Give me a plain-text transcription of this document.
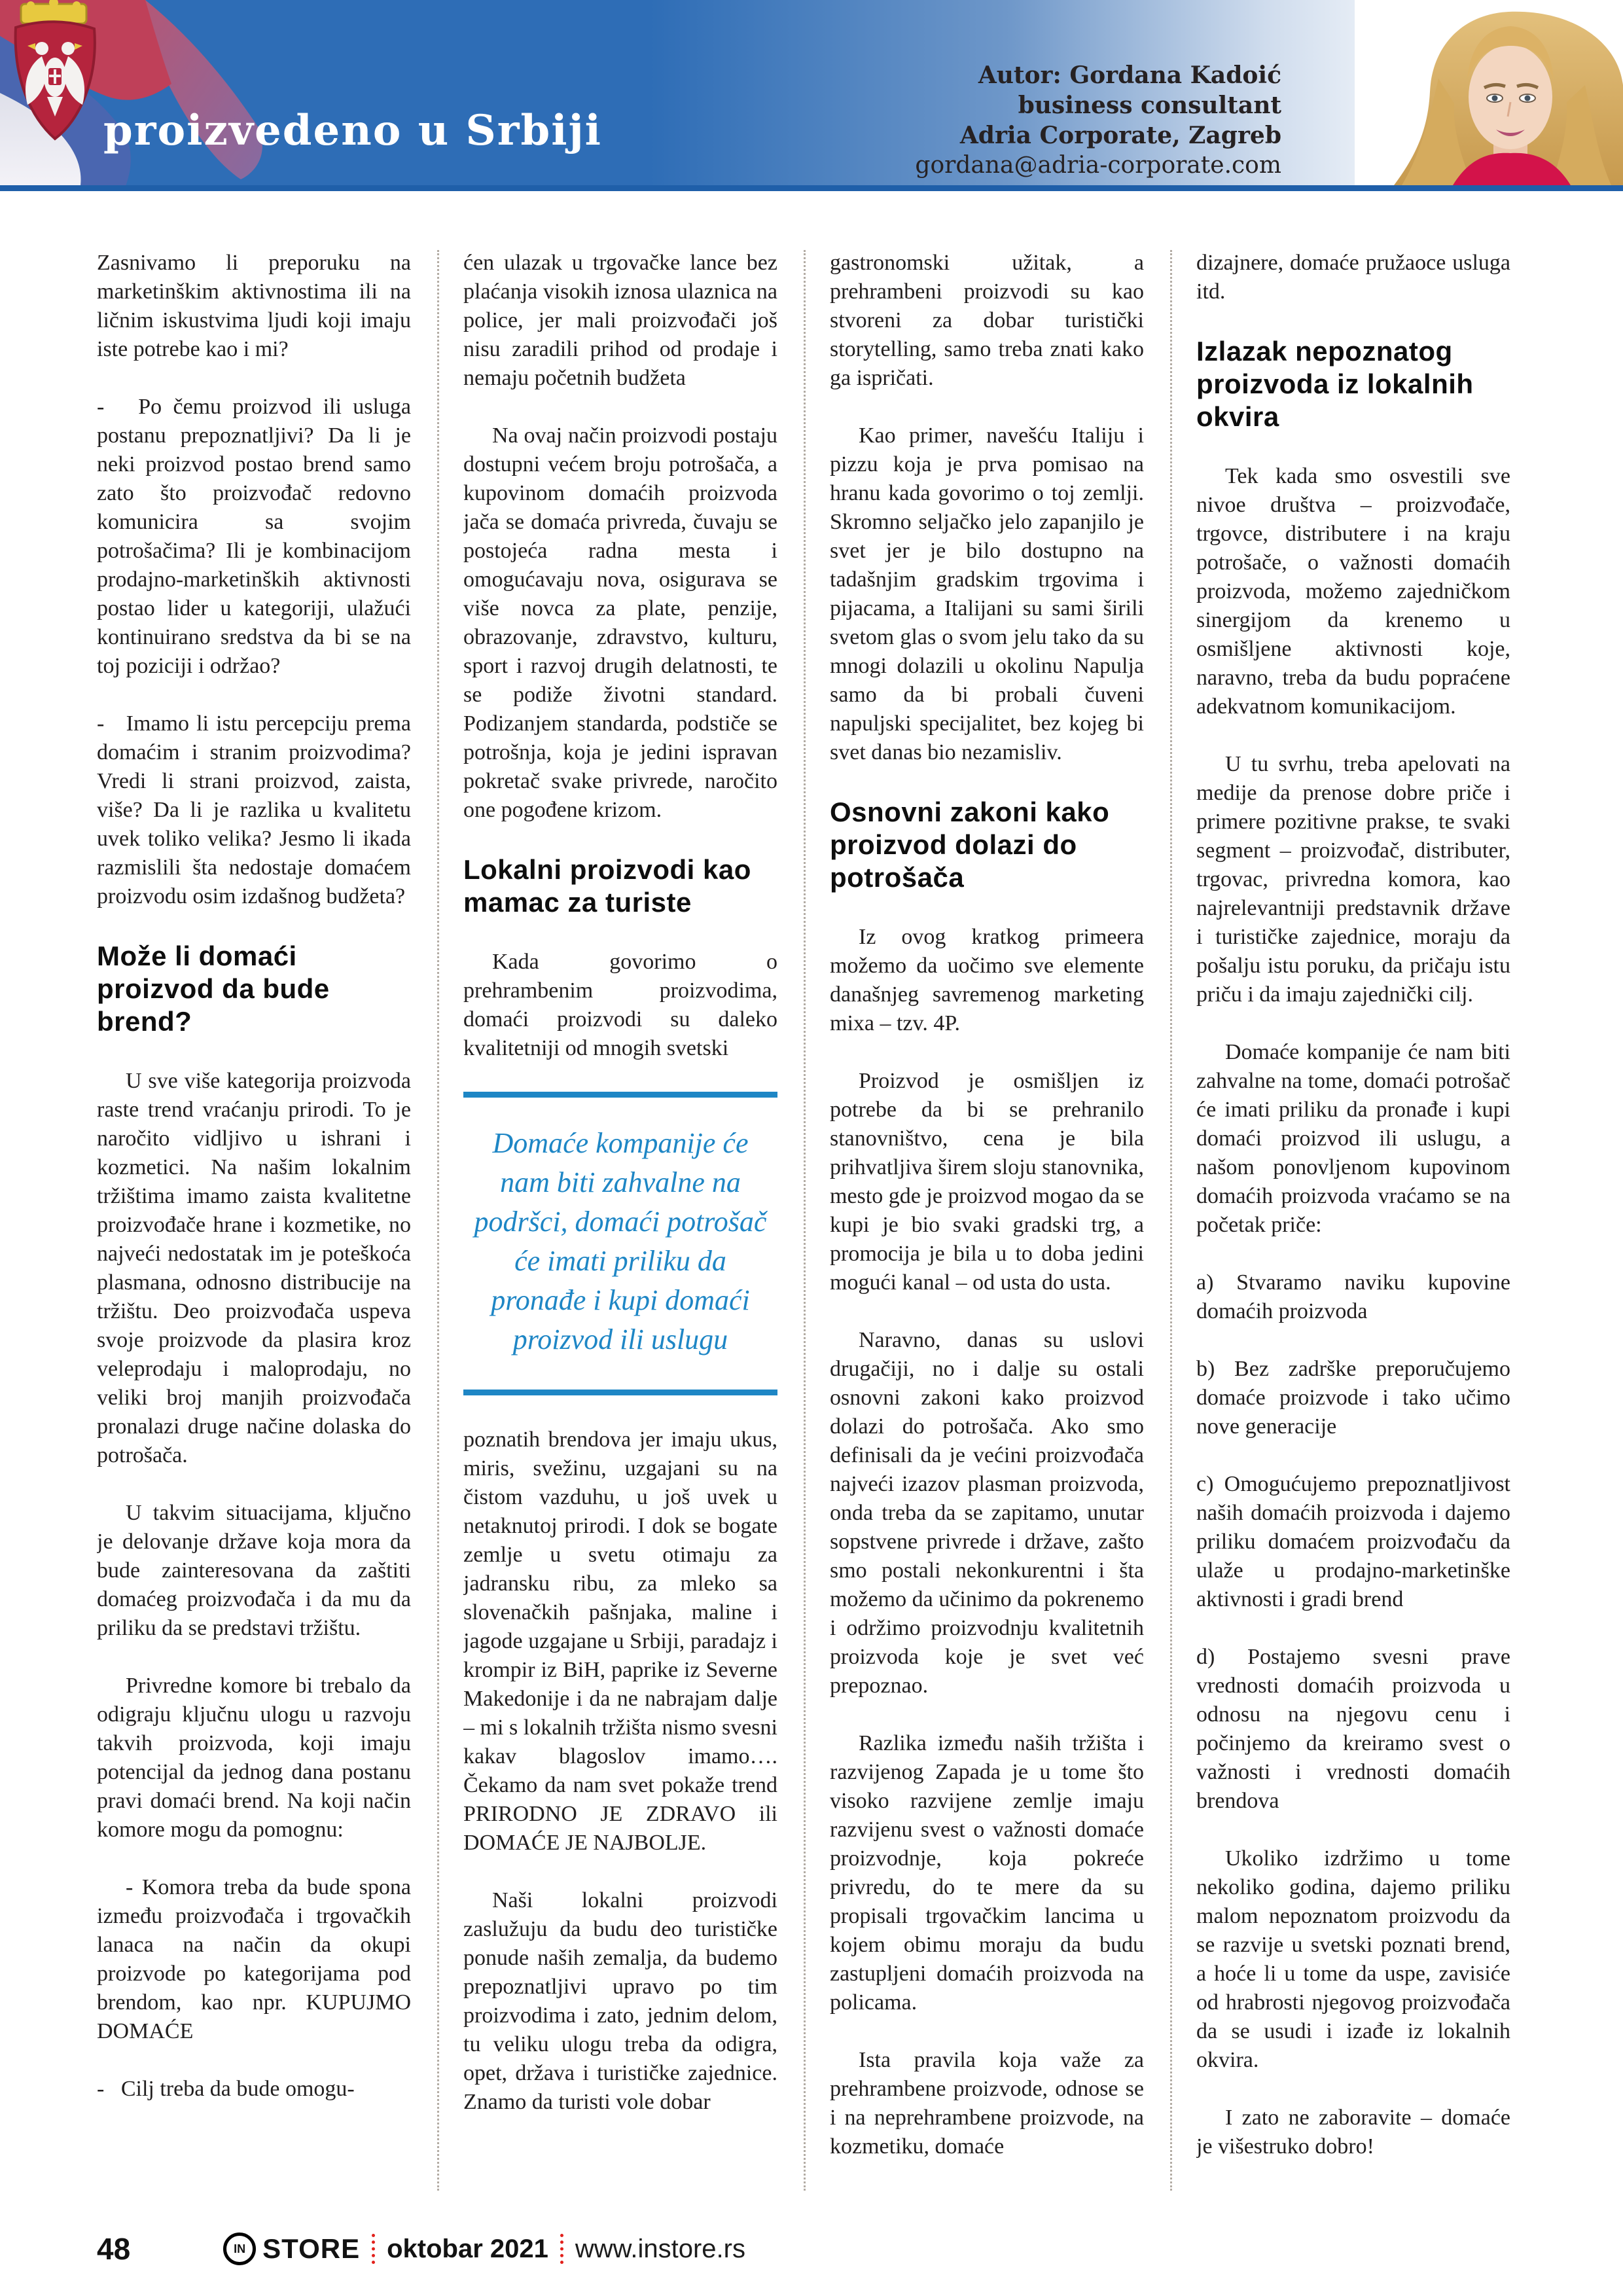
proizvedeno u Srbiji
Autor: Gordana Kadoić
business consultant
Adria Corporate, Zagreb
gordana@adria-corporate.com

Zasnivamo li preporuku na marketinškim aktivnostima ili na ličnim iskustvima ljudi koji imaju iste potrebe kao i mi?

-   Po čemu proizvod ili usluga postanu prepoznatljivi? Da li je neki proizvod postao brend samo zato što proizvođač redovno komunicira sa svojim potrošačima? Ili je kombinacijom prodajno-marketinških aktivnosti postao lider u kategoriji, ulažući kontinuirano sredstva da bi se na toj poziciji i održao?

-   Imamo li istu percepciju prema domaćim i stranim proizvodima? Vredi li strani proizvod, zaista, više? Da li je razlika u kvalitetu uvek toliko velika? Jesmo li ikada razmislili šta nedostaje domaćem proizvodu osim izdašnog budžeta?

Može li domaći proizvod da bude brend?

U sve više kategorija proizvoda raste trend vraćanju prirodi. To je naročito vidljivo u ishrani i kozmetici. Na našim lokalnim tržištima imamo zaista kvalitetne proizvođače hrane i kozmetike, no najveći nedostatak im je poteškoća plasmana, odnosno distribucije na tržištu. Deo proizvođača uspeva svoje proizvode da plasira kroz veleprodaju i maloprodaju, no veliki broj manjih proizvođača pronalazi druge načine dolaska do potrošača.

U takvim situacijama, ključno je delovanje države koja mora da bude zainteresovana da zaštiti domaćeg proizvođača i da mu da priliku da se predstavi tržištu.

Privredne komore bi trebalo da odigraju ključnu ulogu u razvoju takvih proizvoda, koji imaju potencijal da jednog dana postanu pravi domaći brend. Na koji način komore mogu da pomognu:

- Komora treba da bude spona između proizvođača i trgovačkih lanaca na način da okupi proizvode po kategorijama pod brendom, kao npr. KUPUJMO DOMAĆE

-   Cilj treba da bude omogu-

ćen ulazak u trgovačke lance bez plaćanja visokih iznosa ulaznica na police, jer mali proizvođači još nisu zaradili prihod od prodaje i nemaju početnih budžeta

Na ovaj način proizvodi postaju dostupni većem broju potrošača, a kupovinom domaćih proizvoda jača se domaća privreda, čuvaju se postojeća radna mesta i omogućavaju nova, osigurava se više novca za plate, penzije, obrazovanje, zdravstvo, kulturu, sport i razvoj drugih delatnosti, te se podiže životni standard. Podizanjem standarda, podstiče se potrošnja, koja je jedini ispravan pokretač svake privrede, naročito one pogođene krizom.

Lokalni proizvodi kao mamac za turiste

Kada govorimo o prehrambenim proizvodima, domaći proizvodi su daleko kvalitetniji od mnogih svetski

Domaće kompanije će nam biti zahvalne na podršci, domaći potrošač će imati priliku da pronađe i kupi domaći proizvod ili uslugu

poznatih brendova jer imaju ukus, miris, svežinu, uzgajani su na čistom vazduhu, u još uvek u netaknutoj prirodi. I dok se bogate zemlje u svetu otimaju za jadransku ribu, za mleko sa slovenačkih pašnjaka, maline i jagode uzgajane u Srbiji, paradajz i krompir iz BiH, paprike iz Severne Makedonije i da ne nabrajam dalje – mi s lokalnih tržišta nismo svesni kakav blagoslov imamo…. Čekamo da nam svet pokaže trend PRIRODNO JE ZDRAVO ili DOMAĆE JE NAJBOLJE.

Naši lokalni proizvodi zaslužuju da budu deo turističke ponude naših zemalja, da budemo prepoznatljivi upravo po tim proizvodima i zato, jednim delom, tu veliku ulogu treba da odigra, opet, država i turističke zajednice. Znamo da turisti vole dobar

gastronomski užitak, a prehrambeni proizvodi su kao stvoreni za dobar turistički storytelling, samo treba znati kako ga ispričati.

Kao primer, navešću Italiju i pizzu koja je prva pomisao na hranu kada govorimo o toj zemlji. Skromno seljačko jelo zapanjilo je svet jer je bilo dostupno na tadašnjim gradskim trgovima i pijacama, a Italijani su sami širili svetom glas o svom jelu tako da su mnogi dolazili u okolinu Napulja samo da bi probali čuveni napuljski specijalitet, bez kojeg bi svet danas bio nezamisliv.

Osnovni zakoni kako proizvod dolazi do potrošača

Iz ovog kratkog primeera možemo da uočimo sve elemente današnjeg savremenog marketing mixa – tzv. 4P.

Proizvod je osmišljen iz potrebe da bi se prehranilo stanovništvo, cena je bila prihvatljiva širem sloju stanovnika, mesto gde je proizvod mogao da se kupi je bio svaki gradski trg, a promocija je bila u to doba jedini mogući kanal – od usta do usta.

Naravno, danas su uslovi drugačiji, no i dalje su ostali osnovni zakoni kako proizvod dolazi do potrošača. Ako smo definisali da je većini proizvođača najveći izazov plasman proizvoda, onda treba da se zapitamo, unutar sopstvene privrede i države, zašto smo postali nekonkurentni i šta možemo da učinimo da pokrenemo i održimo proizvodnju kvalitetnih proizvoda koje je svet već prepoznao.

Razlika između naših tržišta i razvijenog Zapada je u tome što visoko razvijene zemlje imaju razvijenu svest o važnosti domaće proizvodnje, koja pokreće privredu, do te mere da su propisali trgovačkim lancima u kojem obimu moraju da budu zastupljeni domaćih proizvoda na policama.

Ista pravila koja važe za prehrambene proizvode, odnose se i na neprehrambene proizvode, na kozmetiku, domaće

dizajnere, domaće pružaoce usluga itd.

Izlazak nepoznatog proizvoda iz lokalnih okvira

Tek kada smo osvestili sve nivoe društva – proizvođače, trgovce, distributere i na kraju potrošače, o važnosti domaćih proizvoda, možemo zajedničkom sinergijom da krenemo u osmišljene aktivnosti koje, naravno, treba da budu popraćene adekvatnom komunikacijom.

U tu svrhu, treba apelovati na medije da prenose dobre priče i primere pozitivne prakse, te svaki segment – proizvođač, distributer, trgovac, privredna komora, kao najrelevantniji predstavnik države i turističke zajednice, moraju da pošalju istu poruku, da pričaju istu priču i da imaju zajednički cilj.

Domaće kompanije će nam biti zahvalne na tome, domaći potrošač će imati priliku da pronađe i kupi domaći proizvod ili uslugu, a našom ponovljenom kupovinom domaćih proizvoda vraćamo se na početak priče:

a) Stvaramo naviku kupovine domaćih proizvoda

b) Bez zadrške preporučujemo domaće proizvode i tako učimo nove generacije

c) Omogućujemo prepoznatljivost naših domaćih proizvoda i dajemo priliku domaćem proizvođaču da ulaže u prodajno-marketinške aktivnosti i gradi brend

d) Postajemo svesni prave vrednosti domaćih proizvoda u odnosu na njegovu cenu i počinjemo da kreiramo svest o važnosti i vrednosti domaćih brendova

Ukoliko izdržimo u tome nekoliko godina, dajemo priliku malom nepoznatom proizvodu da se razvije u svetski poznati brend, a hoće li u tome da uspe, zavisiće od hrabrosti njegovog proizvođača da se usudi i izađe iz lokalnih okvira.

I zato ne zaboravite – domaće je višestruko dobro!

48	IN STORE oktobar 2021 www.instore.rs
